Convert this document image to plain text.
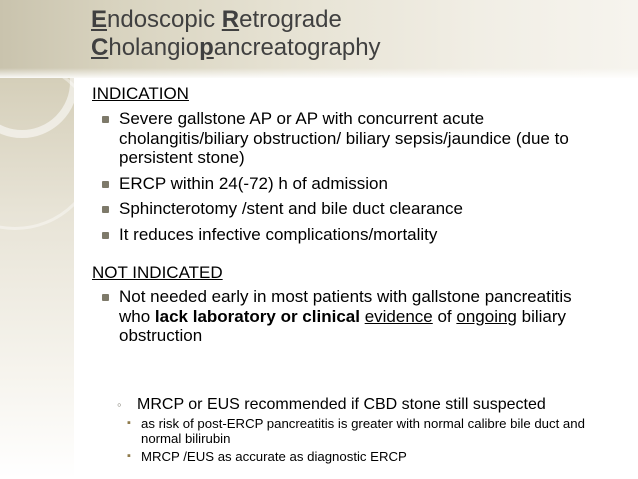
Endoscopic Retrograde
Cholangiopancreatography
INDICATION
Severe gallstone AP or AP with concurrent acute cholangitis/biliary obstruction/ biliary sepsis/jaundice (due to persistent stone)
ERCP within 24(-72) h of admission
Sphincterotomy /stent and bile duct clearance
It reduces infective complications/mortality
NOT INDICATED
Not needed early in most patients with gallstone pancreatitis who lack laboratory or clinical evidence of ongoing biliary obstruction
◦ MRCP or EUS recommended if CBD stone still suspected
▪ as risk of post-ERCP pancreatitis is greater with normal calibre bile duct and normal bilirubin
▪ MRCP /EUS as accurate as diagnostic ERCP
